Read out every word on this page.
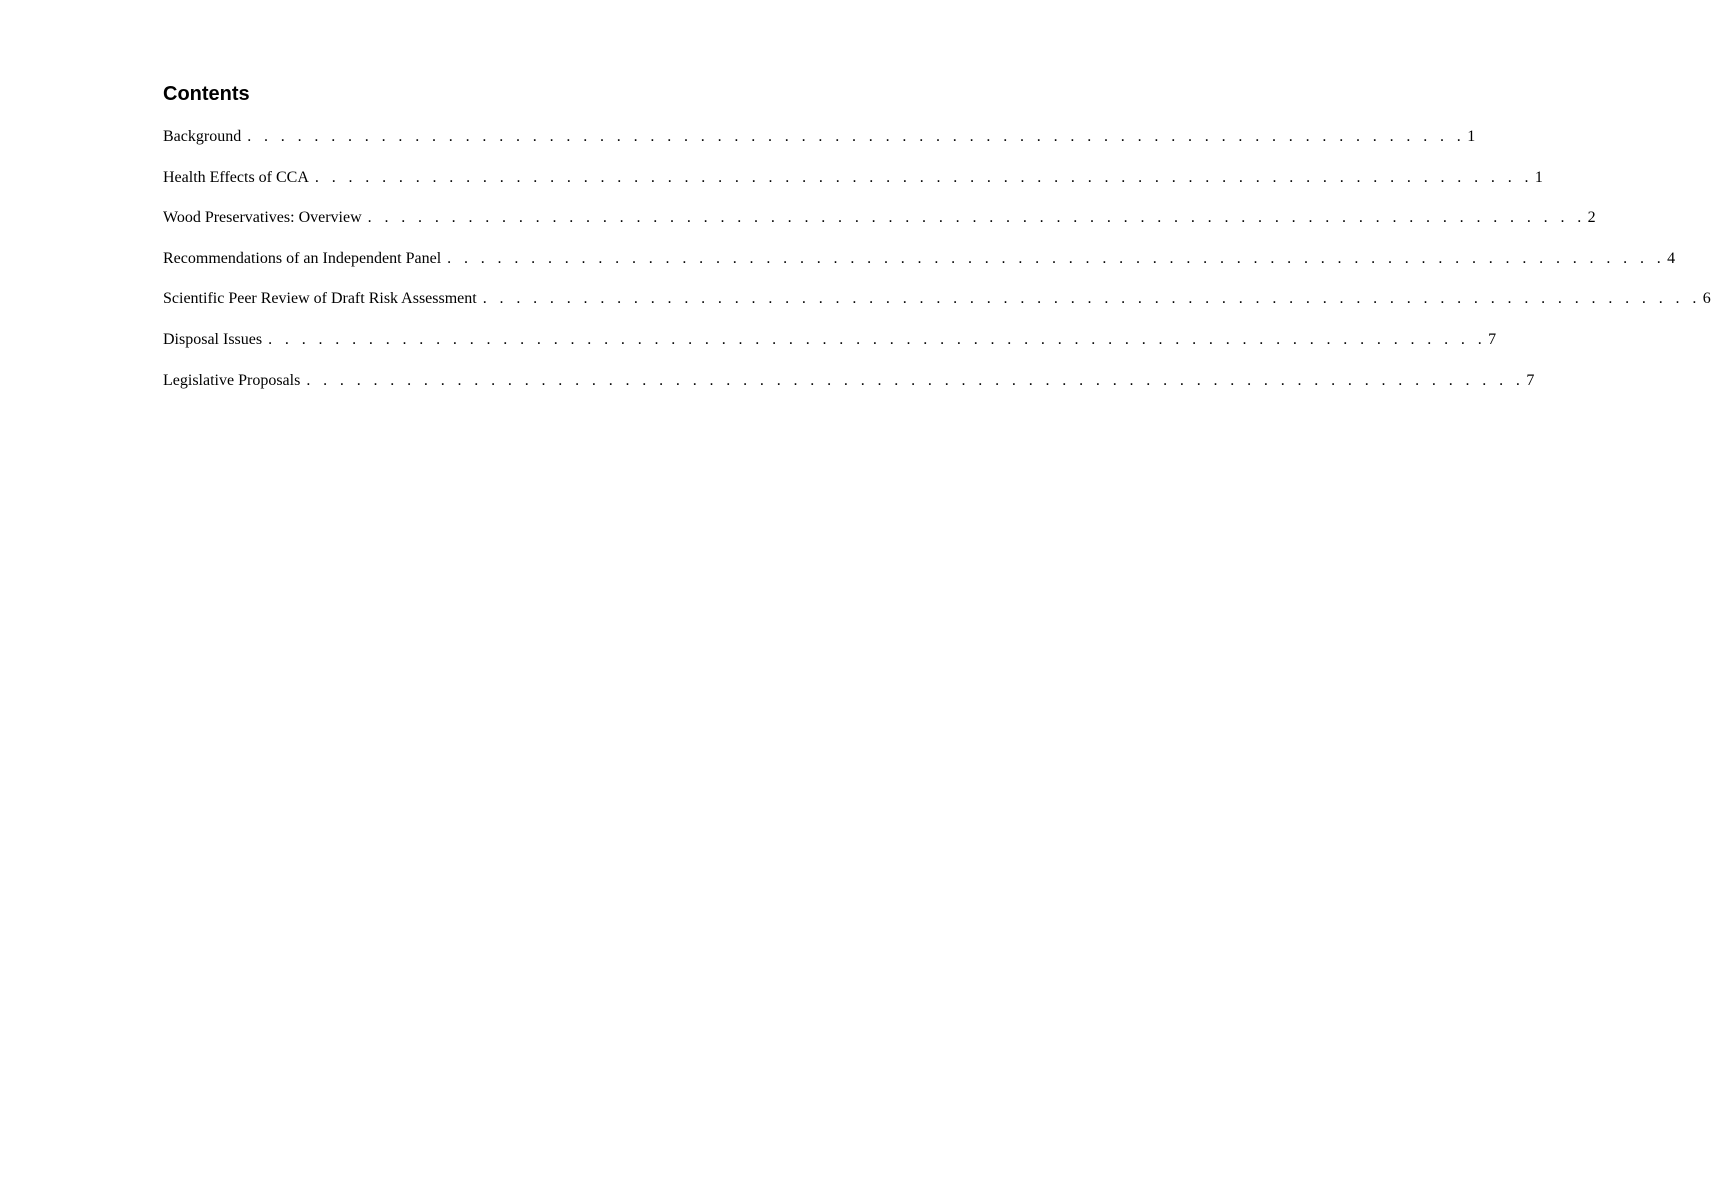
Contents
Background . . . . . . . . . . . . . . . . . . . . . . . . . . . . . . . . . . . . . . . . . . . . . . . . . . . . . . . . . . . . . . . . . . . . . . . . . 1
Health Effects of CCA . . . . . . . . . . . . . . . . . . . . . . . . . . . . . . . . . . . . . . . . . . . . . . . . . . . . . . . . . . . . . . . . . . . . . . . . . 1
Wood Preservatives: Overview . . . . . . . . . . . . . . . . . . . . . . . . . . . . . . . . . . . . . . . . . . . . . . . . . . . . . . . . . . . . . . . . . . . . . . . . . 2
Recommendations of an Independent Panel . . . . . . . . . . . . . . . . . . . . . . . . . . . . . . . . . . . . . . . . . . . . . . . . . . . . . . . . . . . . . . . . . . . . . . . . . 4
Scientific Peer Review of Draft Risk Assessment . . . . . . . . . . . . . . . . . . . . . . . . . . . . . . . . . . . . . . . . . . . . . . . . . . . . . . . . . . . . . . . . . . . . . . . . . 6
Disposal Issues . . . . . . . . . . . . . . . . . . . . . . . . . . . . . . . . . . . . . . . . . . . . . . . . . . . . . . . . . . . . . . . . . . . . . . . . . 7
Legislative Proposals . . . . . . . . . . . . . . . . . . . . . . . . . . . . . . . . . . . . . . . . . . . . . . . . . . . . . . . . . . . . . . . . . . . . . . . . . 7
